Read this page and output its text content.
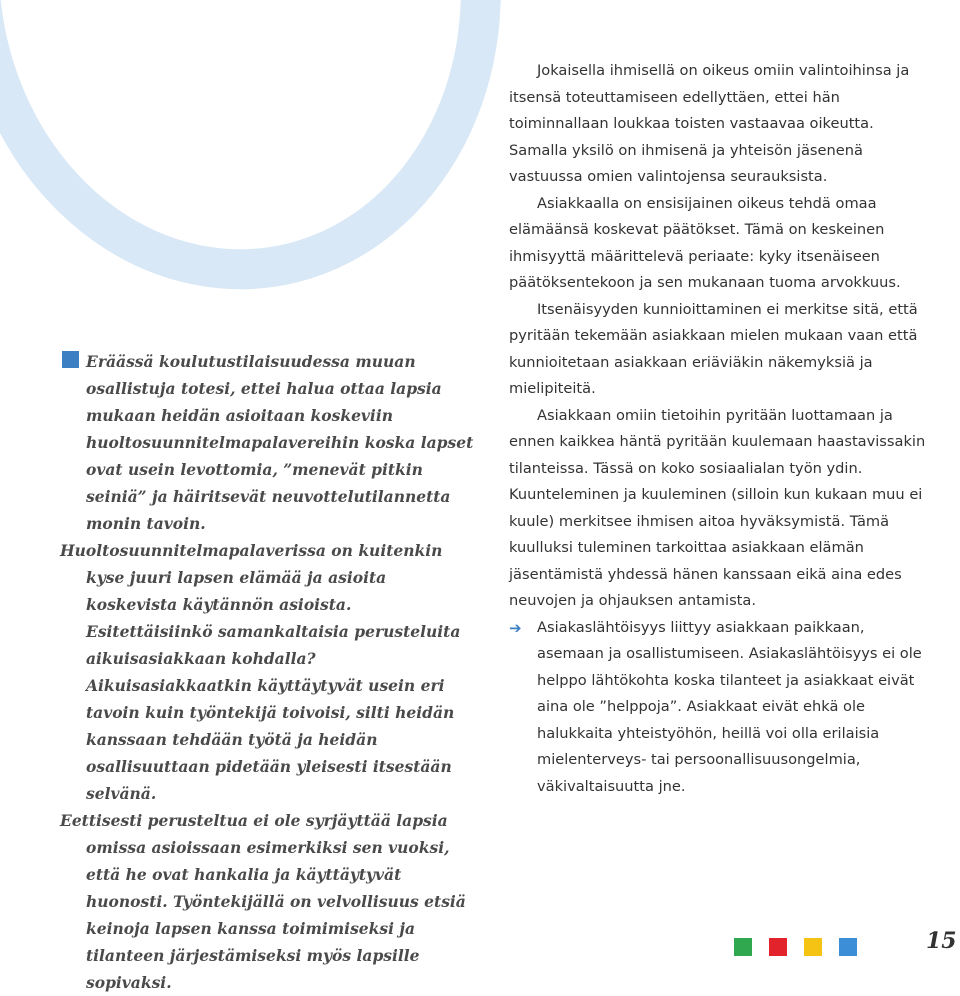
Eräässä koulutustilaisuudessa muuan osallistuja totesi, ettei halua ottaa lapsia mukaan heidän asioitaan koskeviin huoltosuunnitelmapalavereihin koska lapset ovat usein levottomia, ”menevät pitkin seiniä” ja häiritsevät neuvottelutilannetta monin tavoin.

Huoltosuunnitelmapalaverissa on kuitenkin kyse juuri lapsen elämää ja asioita koskevista käytännön asioista. Esitettäisiinkö samankaltaisia perusteluita aikuisasiakkaan kohdalla? Aikuisasiakkaatkin käyttäytyvät usein eri tavoin kuin työntekijä toivoisi, silti heidän kanssaan tehdään työtä ja heidän osallisuuttaan pidetään yleisesti itsestään selvänä.

Eettisesti perusteltua ei ole syrjäyttää lapsia omissa asioissaan esimerkiksi sen vuoksi, että he ovat hankalia ja käyttäytyvät huonosti. Työntekijällä on velvollisuus etsiä keinoja lapsen kanssa toimimiseksi ja tilanteen järjestämiseksi myös lapsille sopivaksi.

Jokaisella ihmisellä on oikeus omiin valintoihinsa ja itsensä toteuttamiseen edellyttäen, ettei hän toiminnallaan loukkaa toisten vastaavaa oikeutta. Samalla yksilö on ihmisenä ja yhteisön jäsenenä vastuussa omien valintojensa seurauksista.

Asiakkaalla on ensisijainen oikeus tehdä omaa elämäänsä koskevat päätökset. Tämä on keskeinen ihmisyyttä määrittelevä periaate: kyky itsenäiseen päätöksentekoon ja sen mukanaan tuoma arvokkuus.

Itsenäisyyden kunnioittaminen ei merkitse sitä, että pyritään tekemään asiakkaan mielen mukaan vaan että kunnioitetaan asiakkaan eriäviäkin näkemyksiä ja mielipiteitä.

Asiakkaan omiin tietoihin pyritään luottamaan ja ennen kaikkea häntä pyritään kuulemaan haastavissakin tilanteissa. Tässä on koko sosiaalialan työn ydin. Kuunteleminen ja kuuleminen (silloin kun kukaan muu ei kuule) merkitsee ihmisen aitoa hyväksymistä. Tämä kuulluksi tuleminen tarkoittaa asiakkaan elämän jäsentämistä yhdessä hänen kanssaan eikä aina edes neuvojen ja ohjauksen antamista.

➔ Asiakaslähtöisyys liittyy asiakkaan paikkaan, asemaan ja osallistumiseen. Asiakaslähtöisyys ei ole helppo lähtökohta koska tilanteet ja asiakkaat eivät aina ole ”helppoja”. Asiakkaat eivät ehkä ole halukkaita yhteistyöhön, heillä voi olla erilaisia mielenterveys- tai persoonallisuusongelmia, väkivaltaisuutta jne.

15
